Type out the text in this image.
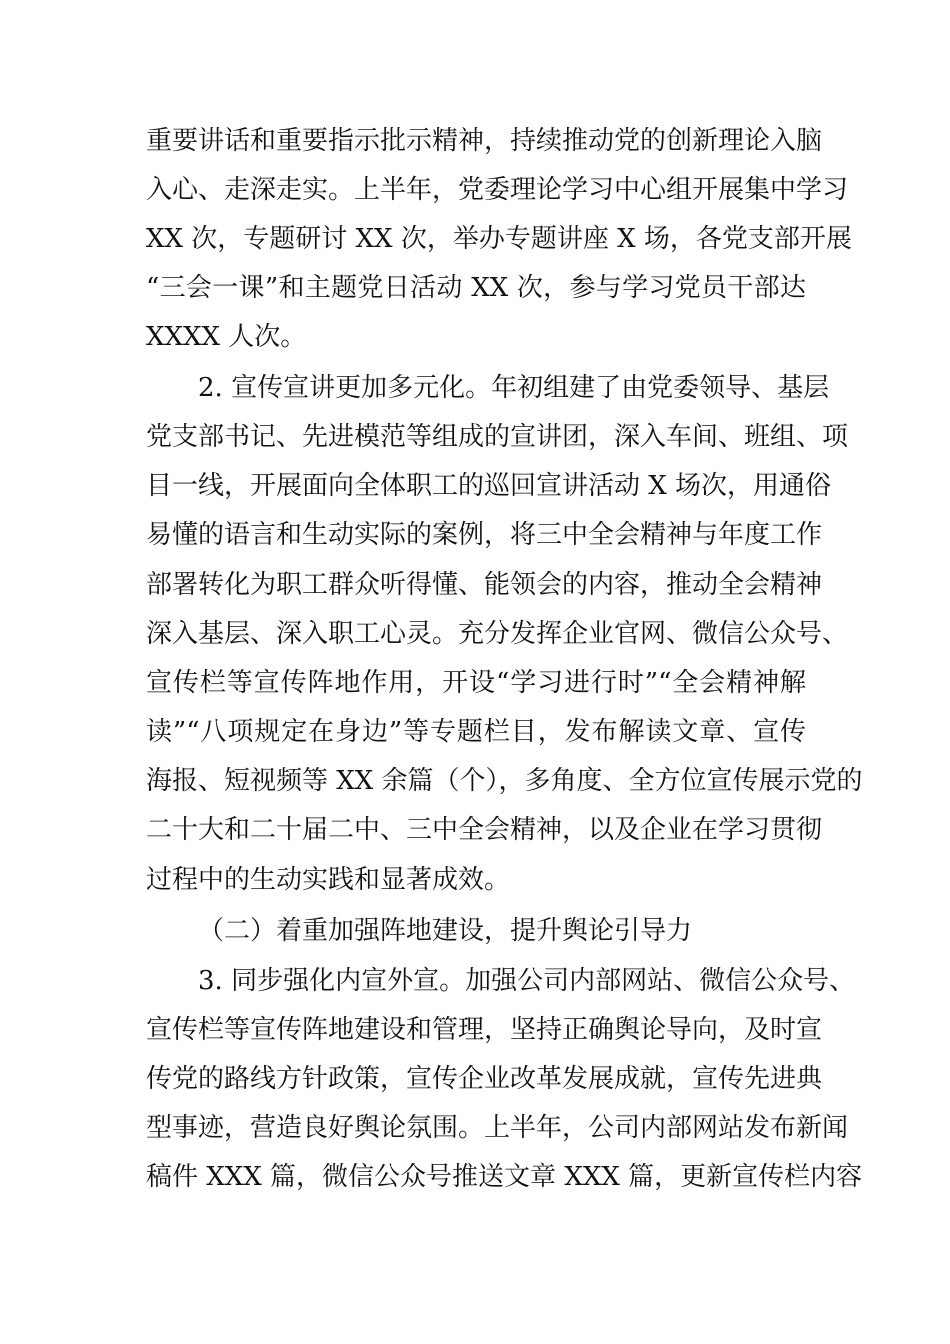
重要讲话和重要指示批示精神，持续推动党的创新理论入脑
入心、走深走实。上半年，党委理论学习中心组开展集中学习
XX 次，专题研讨 XX 次，举办专题讲座 X 场，各党支部开展
“三会一课”和主题党日活动 XX 次，参与学习党员干部达
XXXX 人次。
2. 宣传宣讲更加多元化。年初组建了由党委领导、基层
党支部书记、先进模范等组成的宣讲团，深入车间、班组、项
目一线，开展面向全体职工的巡回宣讲活动 X 场次，用通俗
易懂的语言和生动实际的案例，将三中全会精神与年度工作
部署转化为职工群众听得懂、能领会的内容，推动全会精神
深入基层、深入职工心灵。充分发挥企业官网、微信公众号、
宣传栏等宣传阵地作用，开设“学习进行时”“全会精神解
读”“八项规定在身边”等专题栏目，发布解读文章、宣传
海报、短视频等 XX 余篇（个），多角度、全方位宣传展示党的
二十大和二十届二中、三中全会精神，以及企业在学习贯彻
过程中的生动实践和显著成效。
（二）着重加强阵地建设，提升舆论引导力
3. 同步强化内宣外宣。加强公司内部网站、微信公众号、
宣传栏等宣传阵地建设和管理，坚持正确舆论导向，及时宣
传党的路线方针政策，宣传企业改革发展成就，宣传先进典
型事迹，营造良好舆论氛围。上半年，公司内部网站发布新闻
稿件 XXX 篇，微信公众号推送文章 XXX 篇，更新宣传栏内容
